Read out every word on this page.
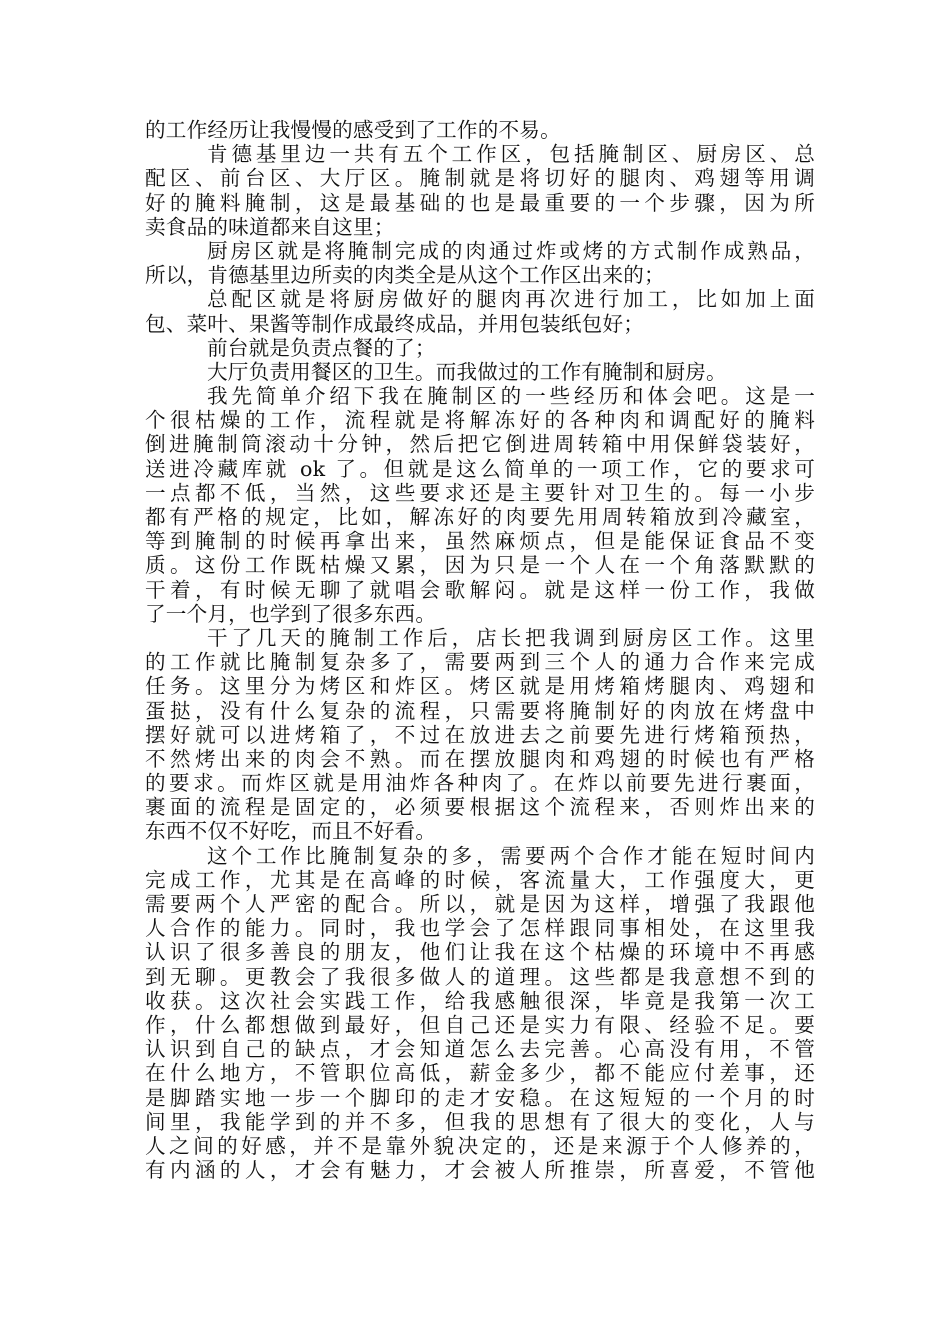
的工作经历让我慢慢的感受到了工作的不易。
肯德基里边一共有五个工作区，包括腌制区、厨房区、总
配区、前台区、大厅区。腌制就是将切好的腿肉、鸡翅等用调
好的腌料腌制，这是最基础的也是最重要的一个步骤，因为所
卖食品的味道都来自这里；
厨房区就是将腌制完成的肉通过炸或烤的方式制作成熟品，
所以，肯德基里边所卖的肉类全是从这个工作区出来的；
总配区就是将厨房做好的腿肉再次进行加工，比如加上面
包、菜叶、果酱等制作成最终成品，并用包装纸包好；
前台就是负责点餐的了；
大厅负责用餐区的卫生。而我做过的工作有腌制和厨房。
我先简单介绍下我在腌制区的一些经历和体会吧。这是一
个很枯燥的工作，流程就是将解冻好的各种肉和调配好的腌料
倒进腌制筒滚动十分钟，然后把它倒进周转箱中用保鲜袋装好，
送进冷藏库就 ok 了。但就是这么简单的一项工作，它的要求可
一点都不低，当然，这些要求还是主要针对卫生的。每一小步
都有严格的规定，比如，解冻好的肉要先用周转箱放到冷藏室，
等到腌制的时候再拿出来，虽然麻烦点，但是能保证食品不变
质。这份工作既枯燥又累，因为只是一个人在一个角落默默的
干着，有时候无聊了就唱会歌解闷。就是这样一份工作，我做
了一个月，也学到了很多东西。
干了几天的腌制工作后，店长把我调到厨房区工作。这里
的工作就比腌制复杂多了，需要两到三个人的通力合作来完成
任务。这里分为烤区和炸区。烤区就是用烤箱烤腿肉、鸡翅和
蛋挞，没有什么复杂的流程，只需要将腌制好的肉放在烤盘中
摆好就可以进烤箱了，不过在放进去之前要先进行烤箱预热，
不然烤出来的肉会不熟。而在摆放腿肉和鸡翅的时候也有严格
的要求。而炸区就是用油炸各种肉了。在炸以前要先进行裹面，
裹面的流程是固定的，必须要根据这个流程来，否则炸出来的
东西不仅不好吃，而且不好看。
这个工作比腌制复杂的多，需要两个合作才能在短时间内
完成工作，尤其是在高峰的时候，客流量大，工作强度大，更
需要两个人严密的配合。所以，就是因为这样，增强了我跟他
人合作的能力。同时，我也学会了怎样跟同事相处，在这里我
认识了很多善良的朋友，他们让我在这个枯燥的环境中不再感
到无聊。更教会了我很多做人的道理。这些都是我意想不到的
收获。这次社会实践工作，给我感触很深，毕竟是我第一次工
作，什么都想做到最好，但自己还是实力有限、经验不足。要
认识到自己的缺点，才会知道怎么去完善。心高没有用，不管
在什么地方，不管职位高低，薪金多少，都不能应付差事，还
是脚踏实地一步一个脚印的走才安稳。在这短短的一个月的时
间里，我能学到的并不多，但我的思想有了很大的变化，人与
人之间的好感，并不是靠外貌决定的，还是来源于个人修养的，
有内涵的人，才会有魅力，才会被人所推崇，所喜爱，不管他
